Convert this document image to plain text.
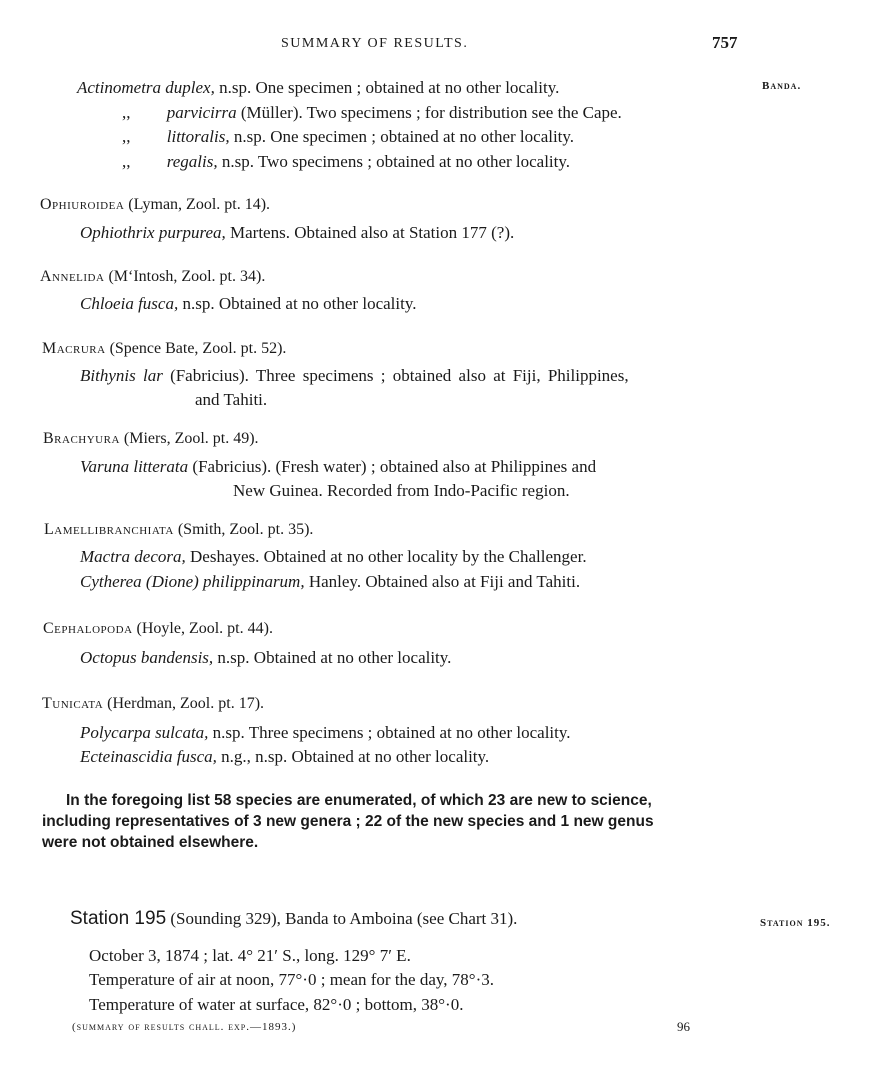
SUMMARY OF RESULTS.	757
Banda.
Actinometra duplex, n.sp. One specimen ; obtained at no other locality.
,, parvicirra (Müller). Two specimens ; for distribution see the Cape.
,, littoralis, n.sp. One specimen ; obtained at no other locality.
,, regalis, n.sp. Two specimens ; obtained at no other locality.
Ophiuroidea (Lyman, Zool. pt. 14).
Ophiothrix purpurea, Martens. Obtained also at Station 177 (?).
Annelida (M‘Intosh, Zool. pt. 34).
Chloeia fusca, n.sp. Obtained at no other locality.
Macrura (Spence Bate, Zool. pt. 52).
Bithynis lar (Fabricius). Three specimens ; obtained also at Fiji, Philippines,
and Tahiti.
Brachyura (Miers, Zool. pt. 49).
Varuna litterata (Fabricius). (Fresh water) ; obtained also at Philippines and
New Guinea. Recorded from Indo-Pacific region.
Lamellibranchiata (Smith, Zool. pt. 35).
Mactra decora, Deshayes. Obtained at no other locality by the Challenger.
Cytherea (Dione) philippinarum, Hanley. Obtained also at Fiji and Tahiti.
Cephalopoda (Hoyle, Zool. pt. 44).
Octopus bandensis, n.sp. Obtained at no other locality.
Tunicata (Herdman, Zool. pt. 17).
Polycarpa sulcata, n.sp. Three specimens ; obtained at no other locality.
Ecteinascidia fusca, n.g., n.sp. Obtained at no other locality.
In the foregoing list 58 species are enumerated, of which 23 are new to science,
including representatives of 3 new genera ; 22 of the new species and 1 new genus
were not obtained elsewhere.
Station 195 (Sounding 329), Banda to Amboina (see Chart 31).	Station 195.
October 3, 1874 ; lat. 4° 21′ S., long. 129° 7′ E.
Temperature of air at noon, 77°·0 ; mean for the day, 78°·3.
Temperature of water at surface, 82°·0 ; bottom, 38°·0.
(summary of results chall. exp.—1893.)	96
